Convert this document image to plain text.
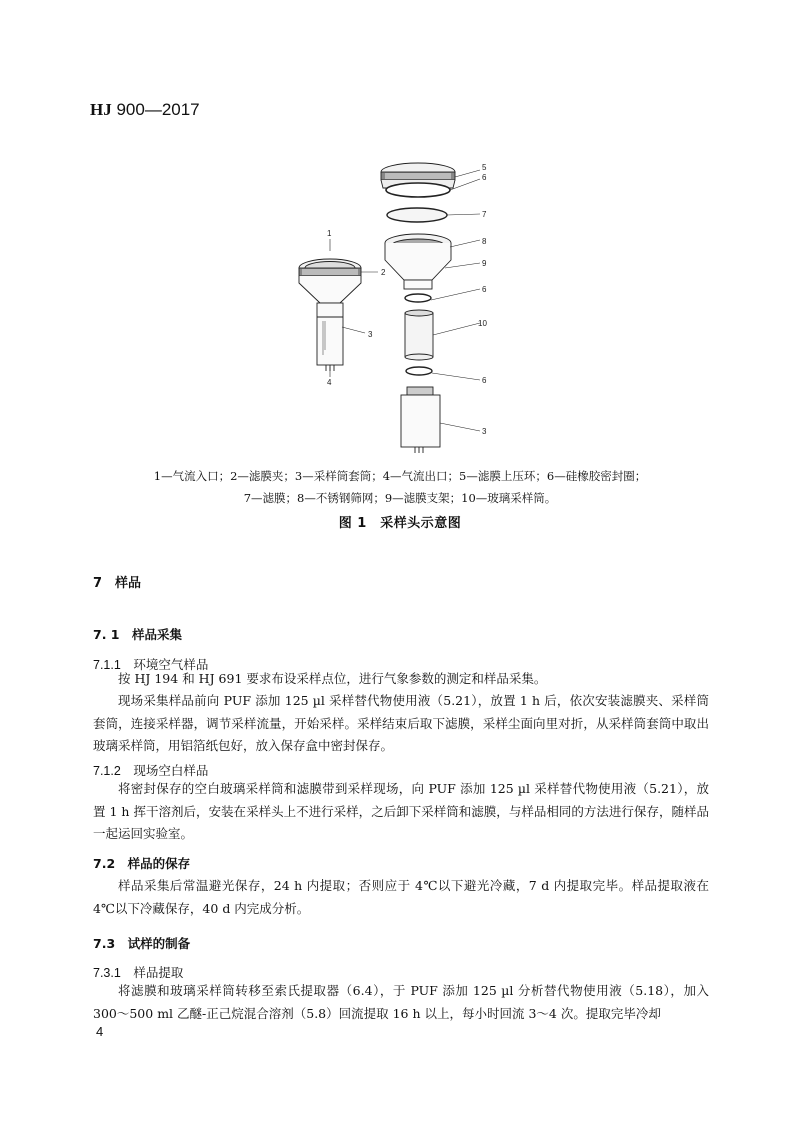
HJ 900—2017
1
2
3
4
5
6
7
8
9
6
10
6
3
1—气流入口；2—滤膜夹；3—采样筒套筒；4—气流出口；5—滤膜上压环；6—硅橡胶密封圈；
7—滤膜；8—不锈钢筛网；9—滤膜支架；10—玻璃采样筒。
图 1　采样头示意图
7　样品
7. 1　样品采集
7.1.1　环境空气样品
按 HJ 194 和 HJ 691 要求布设采样点位，进行气象参数的测定和样品采集。
现场采集样品前向 PUF 添加 125 µl 采样替代物使用液（5.21），放置 1 h 后，依次安装滤膜夹、采样筒套筒，连接采样器，调节采样流量，开始采样。采样结束后取下滤膜，采样尘面向里对折，从采样筒套筒中取出玻璃采样筒，用铝箔纸包好，放入保存盒中密封保存。
7.1.2　现场空白样品
将密封保存的空白玻璃采样筒和滤膜带到采样现场，向 PUF 添加 125 µl 采样替代物使用液（5.21），放置 1 h 挥干溶剂后，安装在采样头上不进行采样，之后卸下采样筒和滤膜，与样品相同的方法进行保存，随样品一起运回实验室。
7.2　样品的保存
样品采集后常温避光保存，24 h 内提取；否则应于 4℃以下避光冷藏，7 d 内提取完毕。样品提取液在 4℃以下冷藏保存，40 d 内完成分析。
7.3　试样的制备
7.3.1　样品提取
将滤膜和玻璃采样筒转移至索氏提取器（6.4），于 PUF 添加 125 µl 分析替代物使用液（5.18），加入 300～500 ml 乙醚-正己烷混合溶剂（5.8）回流提取 16 h 以上，每小时回流 3～4 次。提取完毕冷却
4
